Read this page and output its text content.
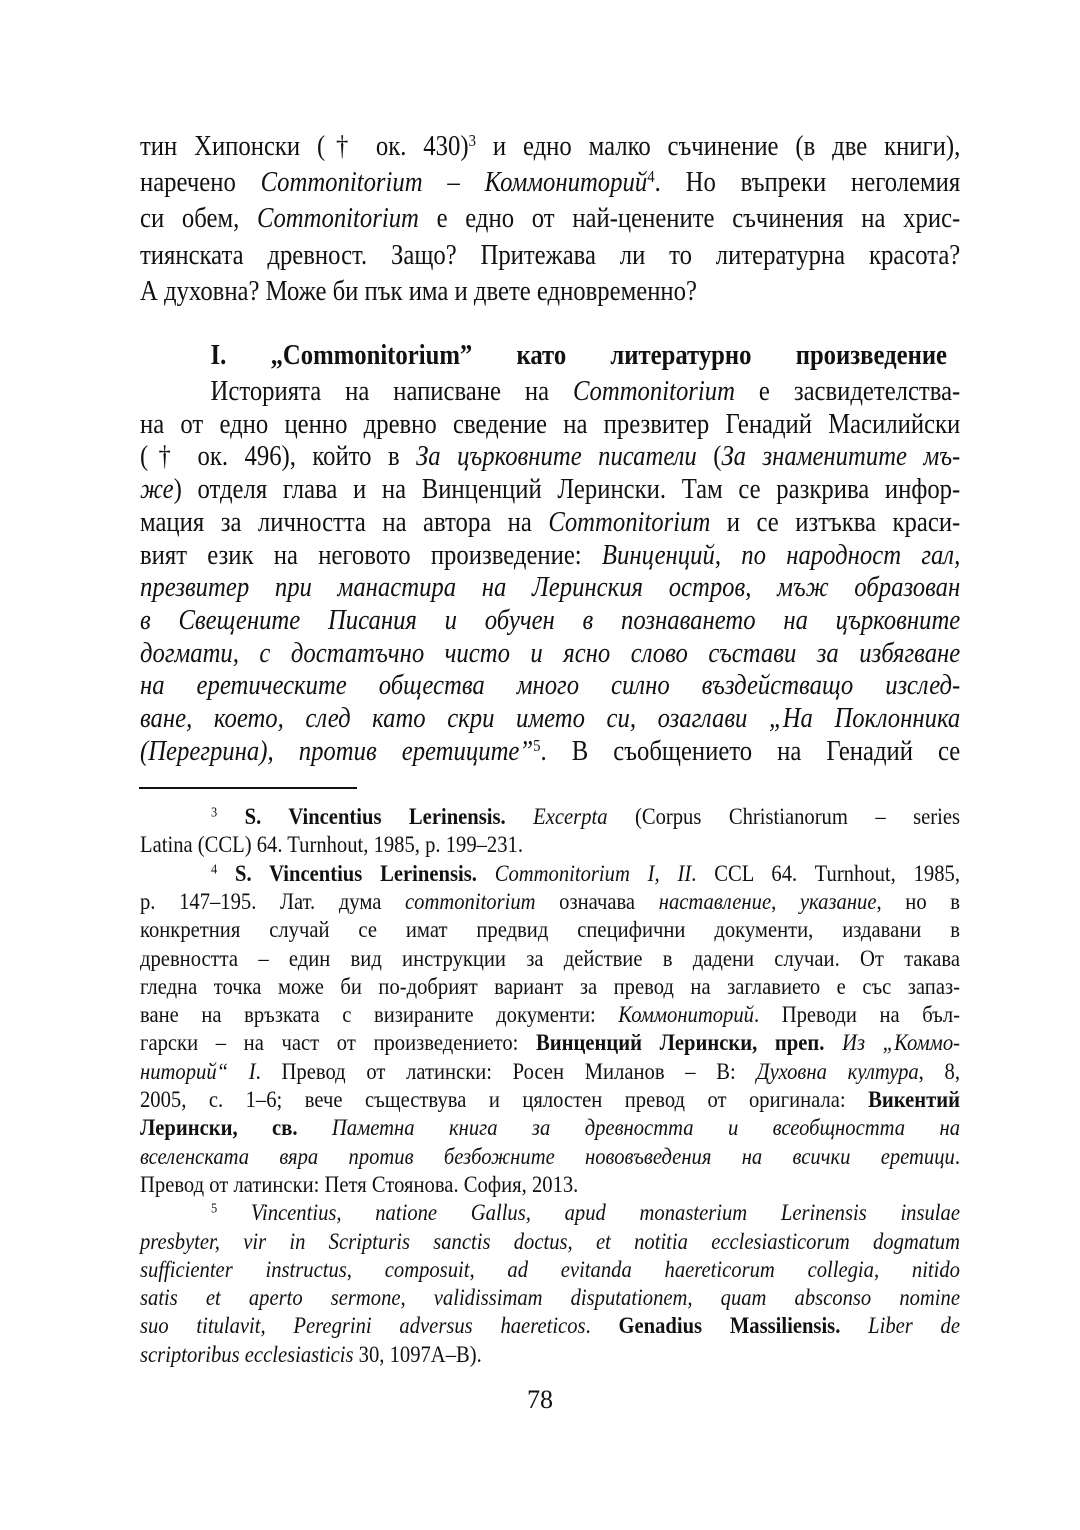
тин Хипонски († ок. 430)$^3$ и едно малко съчинение (в две книги),
наречено Commonitorium – Коммониторий$^4$. Но въпреки неголемия
си обем, Commonitorium е едно от най-ценените съчинения на хрис-
тиянската древност. Защо? Притежава ли то литературна красота?
А духовна? Може би пък има и двете едновременно?
I. „Commonitorium” като литературно произведение
Историята на написване на Commonitorium е засвидетелства-
на от едно ценно древно сведение на презвитер Генадий Масилийски
(† ок. 496), който в За църковните писатели (За знаменитите мъ-
же) отделя глава и на Винценций Лерински. Там се разкрива инфор-
мация за личността на автора на Commonitorium и се изтъква краси-
вият език на неговото произведение: Винценций, по народност гал,
презвитер при манастира на Леринския остров, мъж образован
в Свещените Писания и обучен в познаването на църковните
догмати, с достатъчно чисто и ясно слово състави за избягване
на еретическите общества много силно въздействащо изслед-
ване, което, след като скри името си, озаглави „На Поклонника
(Перегрина), против еретиците”$^5$. В съобщението на Генадий се
$^3$ S. Vincentius Lerinensis. Excerpta (Corpus Christianorum – series
Latina (CCL) 64. Turnhout, 1985, p. 199–231.
$^4$ S. Vincentius Lerinensis. Commonitorium I, II. CCL 64. Turnhout, 1985,
p. 147–195. Лат. дума commonitorium означава наставление, указание, но в
конкретния случай се имат предвид специфични документи, издавани в
древността – един вид инструкции за действие в дадени случаи. От такава
гледна точка може би по-добрият вариант за превод на заглавието е със запаз-
ване на връзката с визираните документи: Коммониторий. Преводи на бъл-
гарски – на част от произведението: Винценций Лерински, преп. Из „Коммо-
ниторий“ I. Превод от латински: Росен Миланов – В: Духовна култура, 8,
2005, с. 1–6; вече съществува и цялостен превод от оригинала: Викентий
Лерински, св. Паметна книга за древността и всеобщността на
вселенската вяра против безбожните нововъведения на всички еретици.
Превод от латински: Петя Стоянова. София, 2013.
$^5$ Vincentius, natione Gallus, apud monasterium Lerinensis insulae
presbyter, vir in Scripturis sanctis doctus, et notitia ecclesiasticorum dogmatum
sufficienter instructus, composuit, ad evitanda haereticorum collegia, nitido
satis et aperto sermone, validissimam disputationem, quam absconso nomine
suo titulavit, Peregrini adversus haereticos. Genadius Massiliensis. Liber de
scriptoribus ecclesiasticis 30, 1097A–B).
78
